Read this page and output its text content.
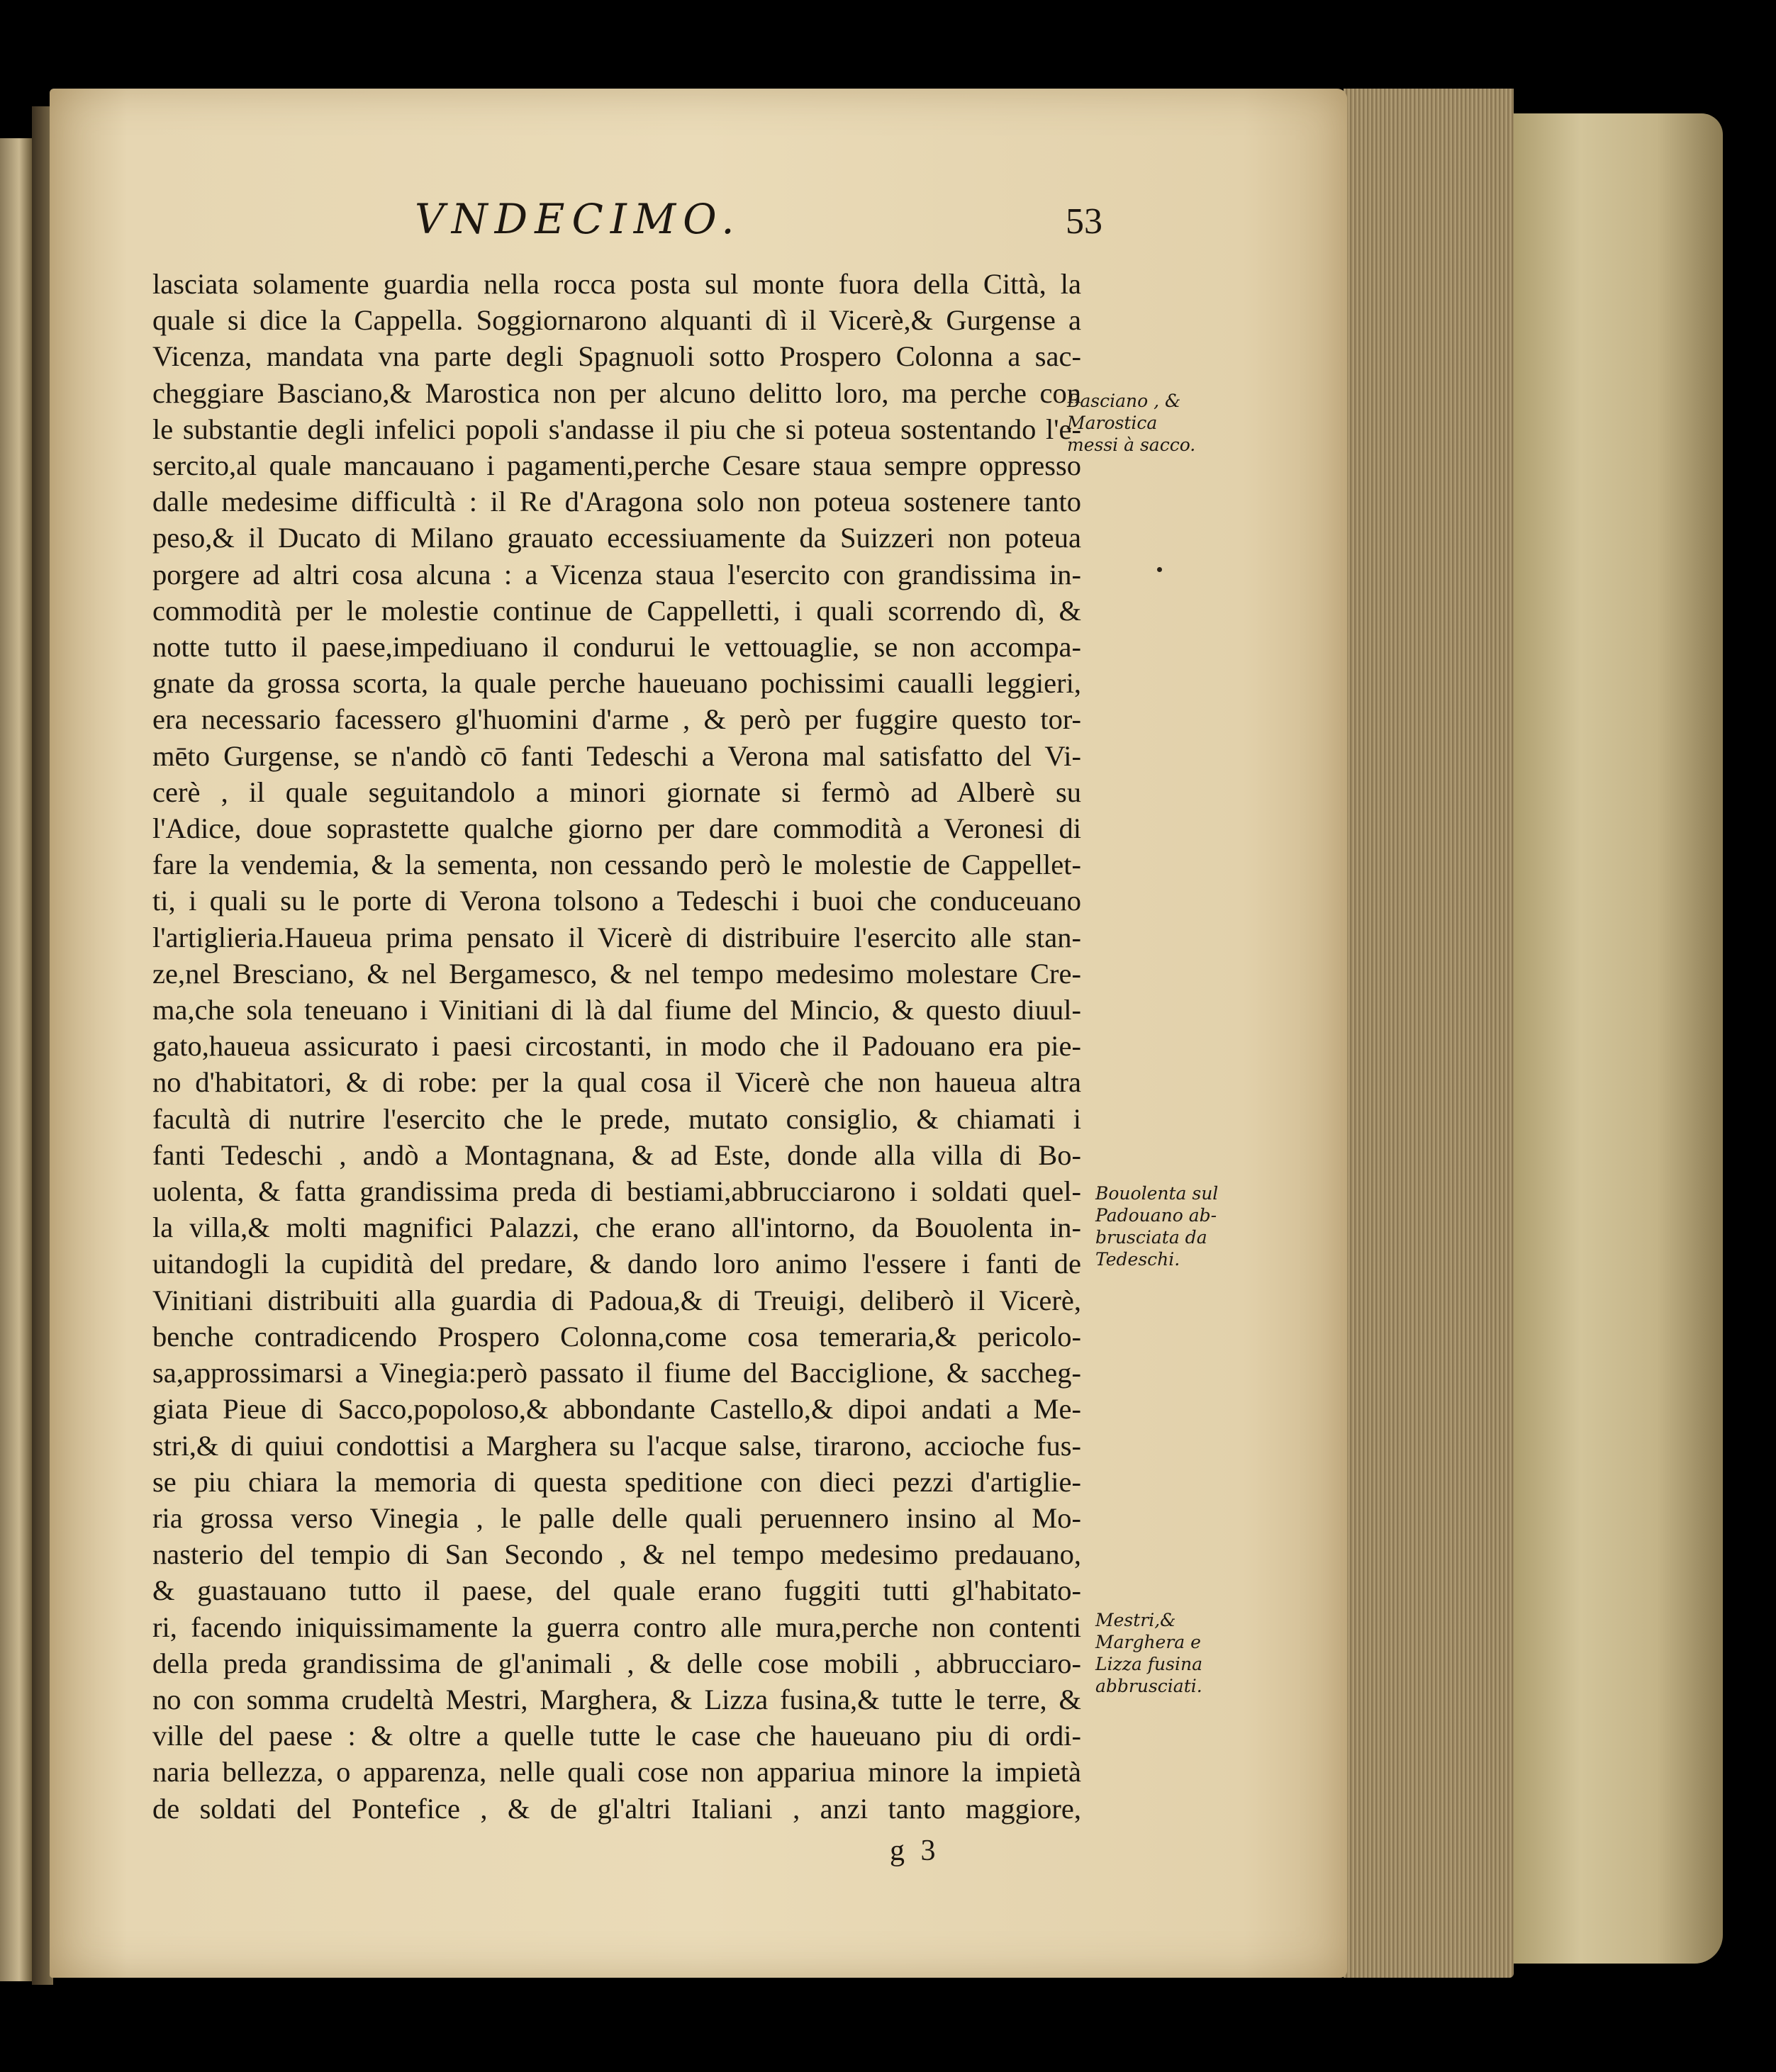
VNDECIMO.	53
lasciata solamente guardia nella rocca posta sul monte fuora della Città, la
quale si dice la Cappella. Soggiornarono alquanti dì il Vicerè,& Gurgense a
Vicenza, mandata vna parte degli Spagnuoli sotto Prospero Colonna a sac-
cheggiare Basciano,& Marostica non per alcuno delitto loro, ma perche con
le substantie degli infelici popoli s'andasse il piu che si poteua sostentando l'e-
sercito,al quale mancauano i pagamenti,perche Cesare staua sempre oppresso
dalle medesime difficultà : il Re d'Aragona solo non poteua sostenere tanto
peso,& il Ducato di Milano grauato eccessiuamente da Suizzeri non poteua
porgere ad altri cosa alcuna : a Vicenza staua l'esercito con grandissima in-
commodità per le molestie continue de Cappelletti, i quali scorrendo dì, &
notte tutto il paese,impediuano il condurui le vettouaglie, se non accompa-
gnate da grossa scorta, la quale perche haueuano pochissimi caualli leggieri,
era necessario facessero gl'huomini d'arme , & però per fuggire questo tor-
mēto Gurgense, se n'andò cō fanti Tedeschi a Verona mal satisfatto del Vi-
cerè , il quale seguitandolo a minori giornate si fermò ad Alberè su
l'Adice, doue soprastette qualche giorno per dare commodità a Veronesi di
fare la vendemia, & la sementa, non cessando però le molestie de Cappellet-
ti, i quali su le porte di Verona tolsono a Tedeschi i buoi che conduceuano
l'artiglieria.Haueua prima pensato il Vicerè di distribuire l'esercito alle stan-
ze,nel Bresciano, & nel Bergamesco, & nel tempo medesimo molestare Cre-
ma,che sola teneuano i Vinitiani di là dal fiume del Mincio, & questo diuul-
gato,haueua assicurato i paesi circostanti, in modo che il Padouano era pie-
no d'habitatori, & di robe: per la qual cosa il Vicerè che non haueua altra
facultà di nutrire l'esercito che le prede, mutato consiglio, & chiamati i
fanti Tedeschi , andò a Montagnana, & ad Este, donde alla villa di Bo-
uolenta, & fatta grandissima preda di bestiami,abbrucciarono i soldati quel-
la villa,& molti magnifici Palazzi, che erano all'intorno, da Bouolenta in-
uitandogli la cupidità del predare, & dando loro animo l'essere i fanti de
Vinitiani distribuiti alla guardia di Padoua,& di Treuigi, deliberò il Vicerè,
benche contradicendo Prospero Colonna,come cosa temeraria,& pericolo-
sa,approssimarsi a Vinegia:però passato il fiume del Bacciglione, & saccheg-
giata Pieue di Sacco,popoloso,& abbondante Castello,& dipoi andati a Me-
stri,& di quiui condottisi a Marghera su l'acque salse, tirarono, accioche fus-
se piu chiara la memoria di questa speditione con dieci pezzi d'artiglie-
ria grossa verso Vinegia , le palle delle quali peruennero insino al Mo-
nasterio del tempio di San Secondo , & nel tempo medesimo predauano,
& guastauano tutto il paese, del quale erano fuggiti tutti gl'habitato-
ri, facendo iniquissimamente la guerra contro alle mura,perche non contenti
della preda grandissima de gl'animali , & delle cose mobili , abbrucciaro-
no con somma crudeltà Mestri, Marghera, & Lizza fusina,& tutte le terre, &
ville del paese : & oltre a quelle tutte le case che haueuano piu di ordi-
naria bellezza, o apparenza, nelle quali cose non appariua minore la impietà
de soldati del Pontefice , & de gl'altri Italiani , anzi tanto maggiore,
g 3
Basciano , &
Marostica
messi à sacco.
Bouolenta sul
Padouano ab-
brusciata da
Tedeschi.
Mestri,&
Marghera e
Lizza fusina
abbrusciati.
